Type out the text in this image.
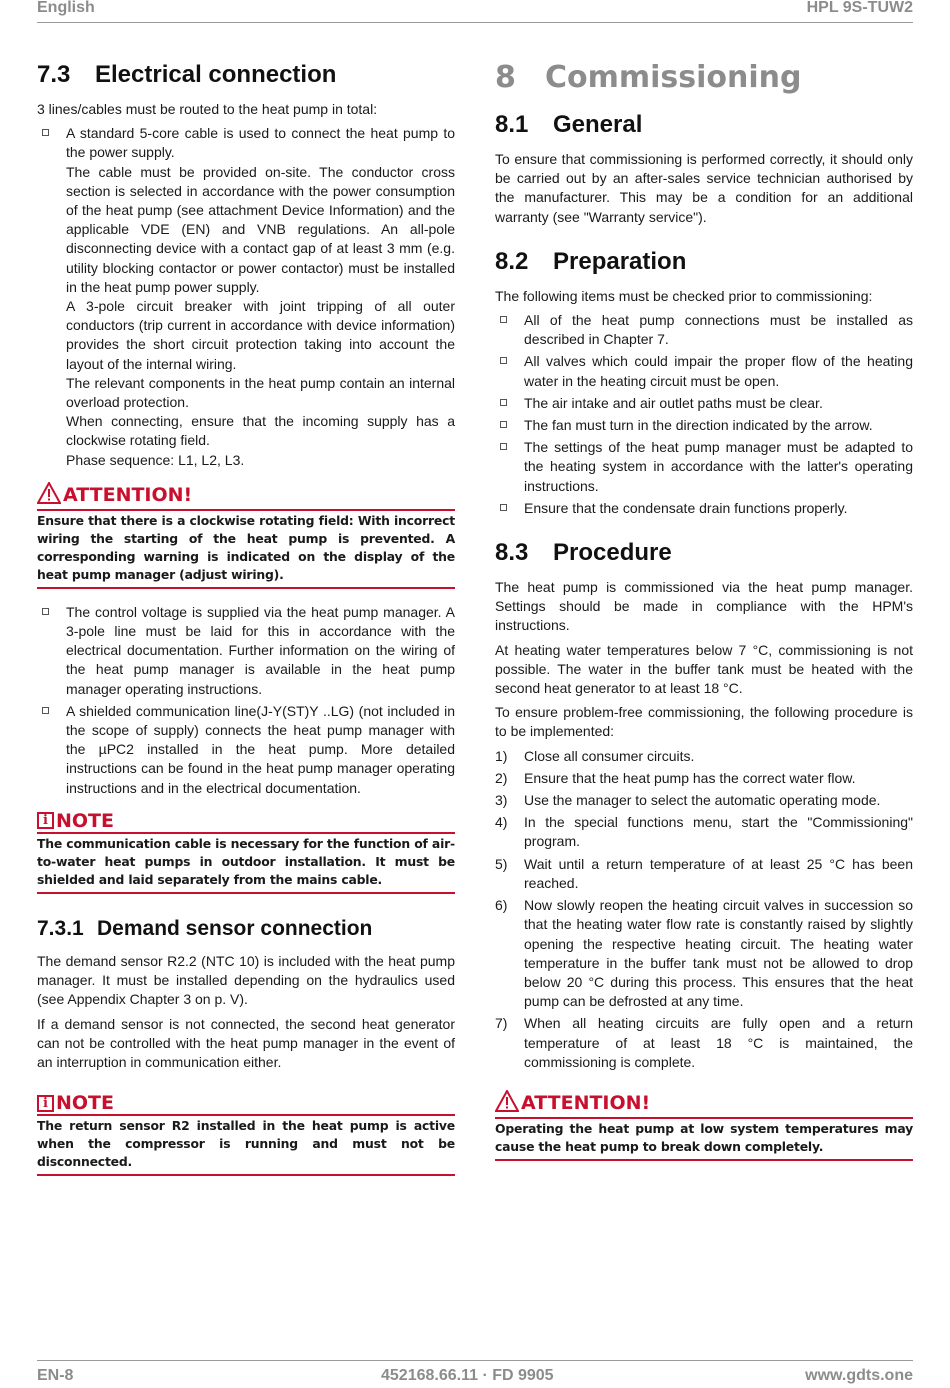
English	HPL 9S-TUW2
7.3 Electrical connection

3 lines/cables must be routed to the heat pump in total:

A standard 5-core cable is used to connect the heat pump to the power supply.
The cable must be provided on-site. The conductor cross section is selected in accordance with the power consumption of the heat pump (see attachment Device Information) and the applicable VDE (EN) and VNB regulations. An all-pole disconnecting device with a contact gap of at least 3 mm (e.g. utility blocking contactor or power contactor) must be installed in the heat pump power supply.
A 3-pole circuit breaker with joint tripping of all outer conductors (trip current in accordance with device information) provides the short circuit protection taking into account the layout of the internal wiring.
The relevant components in the heat pump contain an internal overload protection.
When connecting, ensure that the incoming supply has a clockwise rotating field.
Phase sequence: L1, L2, L3.
ATTENTION!
Ensure that there is a clockwise rotating field: With incorrect wiring the starting of the heat pump is prevented. A corresponding warning is indicated on the display of the heat pump manager (adjust wiring).
The control voltage is supplied via the heat pump manager. A 3-pole line must be laid for this in accordance with the electrical documentation. Further information on the wiring of the heat pump manager is available in the heat pump manager operating instructions.
A shielded communication line(J-Y(ST)Y ..LG) (not included in the scope of supply) connects the heat pump manager with the µPC2 installed in the heat pump. More detailed instructions can be found in the heat pump manager operating instructions and in the electrical documentation.
i NOTE
The communication cable is necessary for the function of air-to-water heat pumps in outdoor installation. It must be shielded and laid separately from the mains cable.
7.3.1 Demand sensor connection

The demand sensor R2.2 (NTC 10) is included with the heat pump manager. It must be installed depending on the hydraulics used (see Appendix Chapter 3 on p. V).

If a demand sensor is not connected, the second heat generator can not be controlled with the heat pump manager in the event of an interruption in communication either.

i NOTE
The return sensor R2 installed in the heat pump is active when the compressor is running and must not be disconnected.
8 Commissioning
8.1 General

To ensure that commissioning is performed correctly, it should only be carried out by an after-sales service technician authorised by the manufacturer. This may be a condition for an additional warranty (see "Warranty service").

8.2 Preparation

The following items must be checked prior to commissioning:

All of the heat pump connections must be installed as described in Chapter 7.
All valves which could impair the proper flow of the heating water in the heating circuit must be open.
The air intake and air outlet paths must be clear.
The fan must turn in the direction indicated by the arrow.
The settings of the heat pump manager must be adapted to the heating system in accordance with the latter's operating instructions.
Ensure that the condensate drain functions properly.
8.3 Procedure

The heat pump is commissioned via the heat pump manager. Settings should be made in compliance with the HPM's instructions.

At heating water temperatures below 7 °C, commissioning is not possible. The water in the buffer tank must be heated with the second heat generator to at least 18 °C.

To ensure problem-free commissioning, the following procedure is to be implemented:

1) Close all consumer circuits.
2) Ensure that the heat pump has the correct water flow.
3) Use the manager to select the automatic operating mode.
4) In the special functions menu, start the "Commissioning" program.
5) Wait until a return temperature of at least 25 °C has been reached.
6) Now slowly reopen the heating circuit valves in succession so that the heating water flow rate is constantly raised by slightly opening the respective heating circuit. The heating water temperature in the buffer tank must not be allowed to drop below 20 °C during this process. This ensures that the heat pump can be defrosted at any time.
7) When all heating circuits are fully open and a return temperature of at least 18 °C is maintained, the commissioning is complete.
ATTENTION!
Operating the heat pump at low system temperatures may cause the heat pump to break down completely.
EN-8	452168.66.11 · FD 9905	www.gdts.one
